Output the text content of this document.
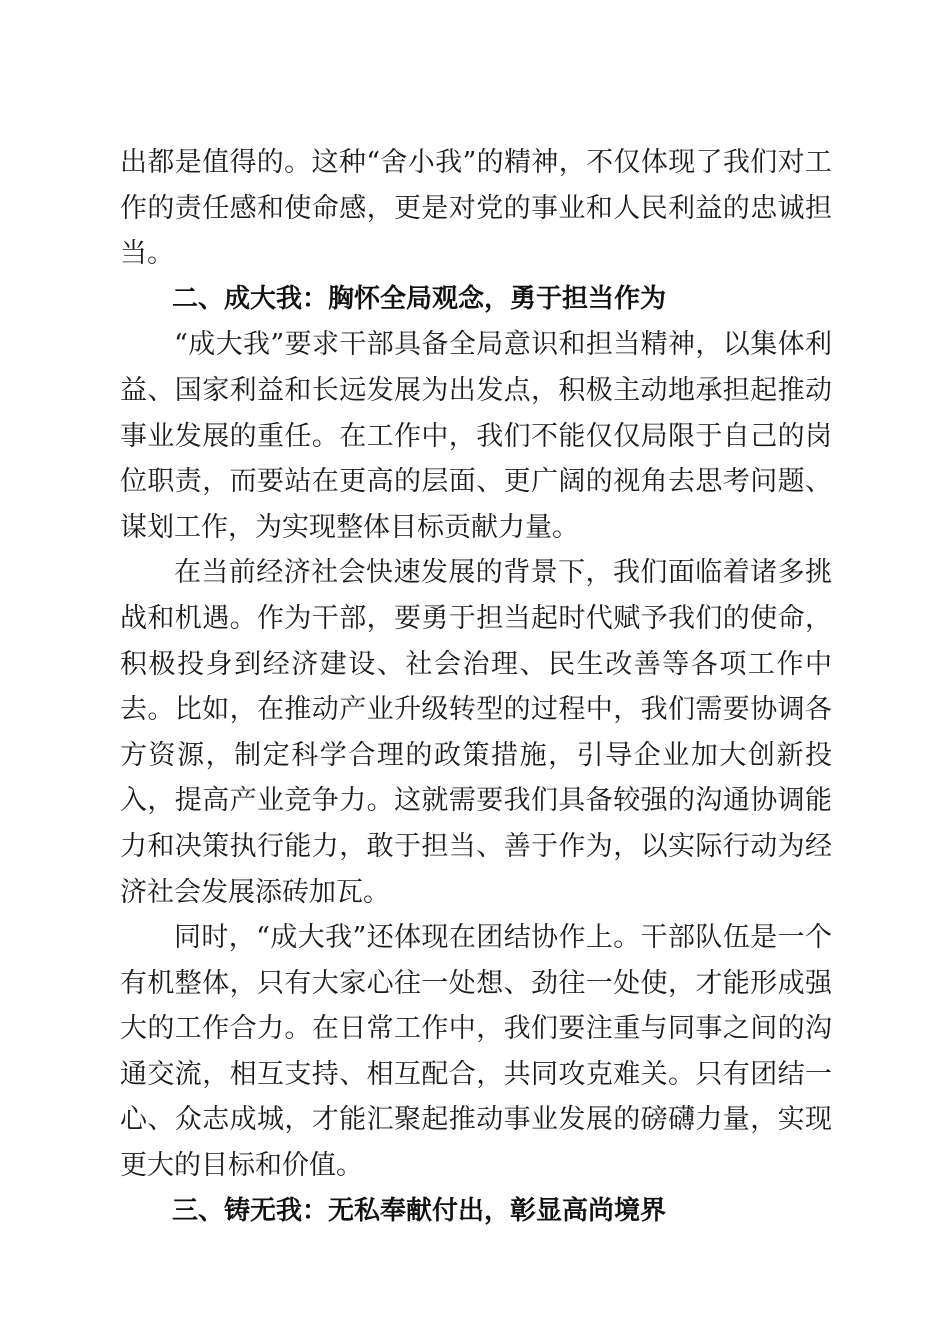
出都是值得的。这种“舍小我”的精神，不仅体现了我们对工作的责任感和使命感，更是对党的事业和人民利益的忠诚担当。

二、成大我：胸怀全局观念，勇于担当作为

“成大我”要求干部具备全局意识和担当精神，以集体利益、国家利益和长远发展为出发点，积极主动地承担起推动事业发展的重任。在工作中，我们不能仅仅局限于自己的岗位职责，而要站在更高的层面、更广阔的视角去思考问题、谋划工作，为实现整体目标贡献力量。

在当前经济社会快速发展的背景下，我们面临着诸多挑战和机遇。作为干部，要勇于担当起时代赋予我们的使命，积极投身到经济建设、社会治理、民生改善等各项工作中去。比如，在推动产业升级转型的过程中，我们需要协调各方资源，制定科学合理的政策措施，引导企业加大创新投入，提高产业竞争力。这就需要我们具备较强的沟通协调能力和决策执行能力，敢于担当、善于作为，以实际行动为经济社会发展添砖加瓦。

同时，“成大我”还体现在团结协作上。干部队伍是一个有机整体，只有大家心往一处想、劲往一处使，才能形成强大的工作合力。在日常工作中，我们要注重与同事之间的沟通交流，相互支持、相互配合，共同攻克难关。只有团结一心、众志成城，才能汇聚起推动事业发展的磅礴力量，实现更大的目标和价值。

三、铸无我：无私奉献付出，彰显高尚境界
